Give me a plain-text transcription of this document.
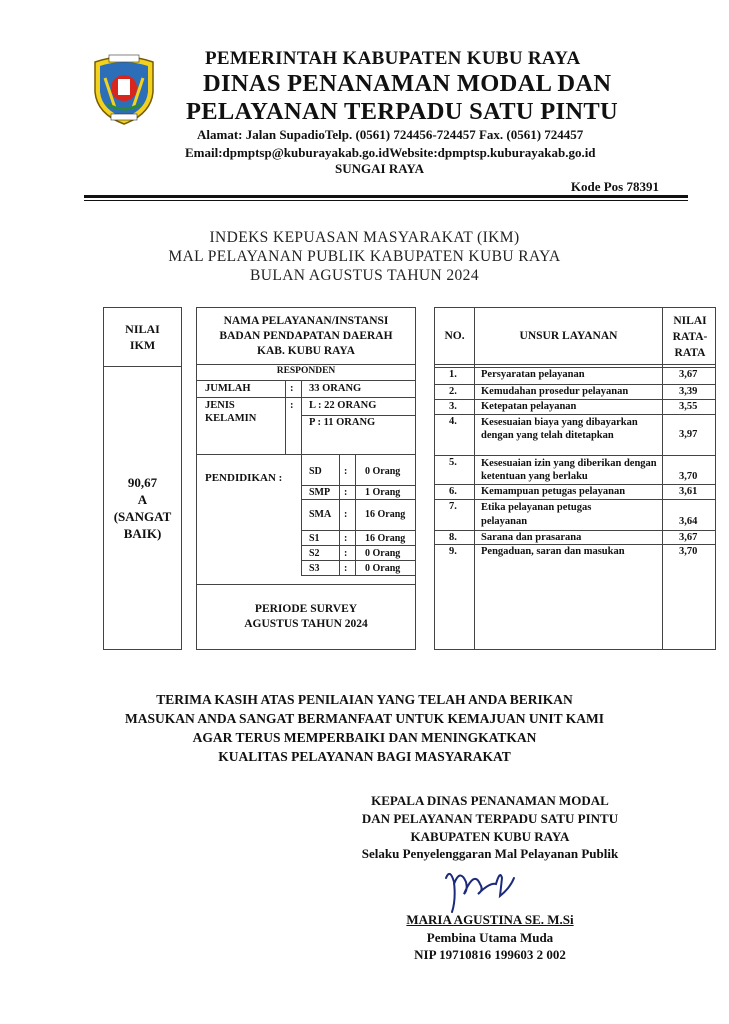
PEMERINTAH KABUPATEN KUBU RAYA
DINAS PENANAMAN MODAL DAN
PELAYANAN TERPADU SATU PINTU
Alamat: Jalan SupadioTelp. (0561) 724456-724457 Fax. (0561) 724457
Email:dpmptsp@kuburayakab.go.idWebsite:dpmptsp.kuburayakab.go.id
SUNGAI RAYA
Kode Pos 78391
INDEKS KEPUASAN MASYARAKAT (IKM)
MAL PELAYANAN PUBLIK KABUPATEN KUBU RAYA
BULAN AGUSTUS TAHUN 2024
NILAI
IKM
90,67
A
(SANGAT
BAIK)
NAMA PELAYANAN/INSTANSI
BADAN PENDAPATAN DAERAH
KAB. KUBU RAYA
RESPONDEN
JUMLAH	: 33 ORANG
JENIS
KELAMIN
: L : 22 ORANG
P : 11 ORANG
PENDIDIKAN :
SD : 0 Orang
SMP : 1 Orang
SMA : 16 Orang
S1 : 16 Orang
S2 : 0 Orang
S3 : 0 Orang
PERIODE SURVEY
AGUSTUS TAHUN 2024
NO.	UNSUR LAYANAN
NILAI
RATA-
RATA
1. Persyaratan pelayanan	3,67
2. Kemudahan prosedur pelayanan	3,39
3. Ketepatan pelayanan	3,55
4. Kesesuaian biaya yang dibayarkan dengan yang telah ditetapkan	3,97
5. Kesesuaian izin yang diberikan dengan ketentuan yang berlaku	3,70
6. Kemampuan petugas pelayanan	3,61
7. Etika pelayanan petugas pelayanan	3,64
8. Sarana dan prasarana	3,67
9. Pengaduan, saran dan masukan	3,70
TERIMA KASIH ATAS PENILAIAN YANG TELAH ANDA BERIKAN
MASUKAN ANDA SANGAT BERMANFAAT UNTUK KEMAJUAN UNIT KAMI
AGAR TERUS MEMPERBAIKI DAN MENINGKATKAN
KUALITAS PELAYANAN BAGI MASYARAKAT
KEPALA DINAS PENANAMAN MODAL
DAN PELAYANAN TERPADU SATU PINTU
KABUPATEN KUBU RAYA
Selaku Penyelenggaran Mal Pelayanan Publik
MARIA AGUSTINA SE. M.Si
Pembina Utama Muda
NIP 19710816 199603 2 002
